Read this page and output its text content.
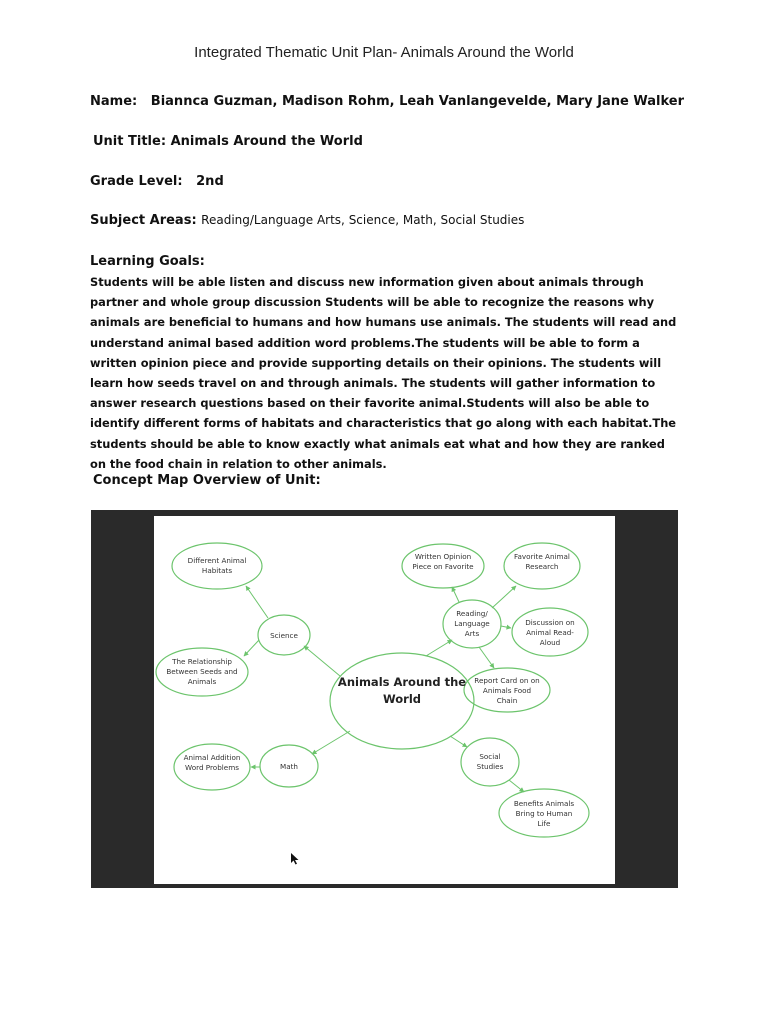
Integrated Thematic Unit Plan- Animals Around the World
Name: Biannca Guzman, Madison Rohm, Leah Vanlangevelde, Mary Jane Walker
Unit Title: Animals Around the World
Grade Level: 2nd
Subject Areas: Reading/Language Arts, Science, Math, Social Studies
Learning Goals:
Students will be able listen and discuss new information given about animals through partner and whole group discussion Students will be able to recognize the reasons why animals are beneficial to humans and how humans use animals. The students will read and understand animal based addition word problems.The students will be able to form a written opinion piece and provide supporting details on their opinions. The students will learn how seeds travel on and through animals. The students will gather information to answer research questions based on their favorite animal.Students will also be able to identify different forms of habitats and characteristics that go along with each habitat.The students should be able to know exactly what animals eat what and how they are ranked on the food chain in relation to other animals.
Concept Map Overview of Unit:
Animals Around the World
Different Animal Habitats
Science
The Relationship Between Seeds and Animals
Math
Animal Addition Word Problems
Written Opinion Piece on Favorite
Favorite Animal Research
Reading/ Language Arts
Discussion on Animal Read-Aloud
Report Card on on Animals Food Chain
Social Studies
Benefits Animals Bring to Human Life
